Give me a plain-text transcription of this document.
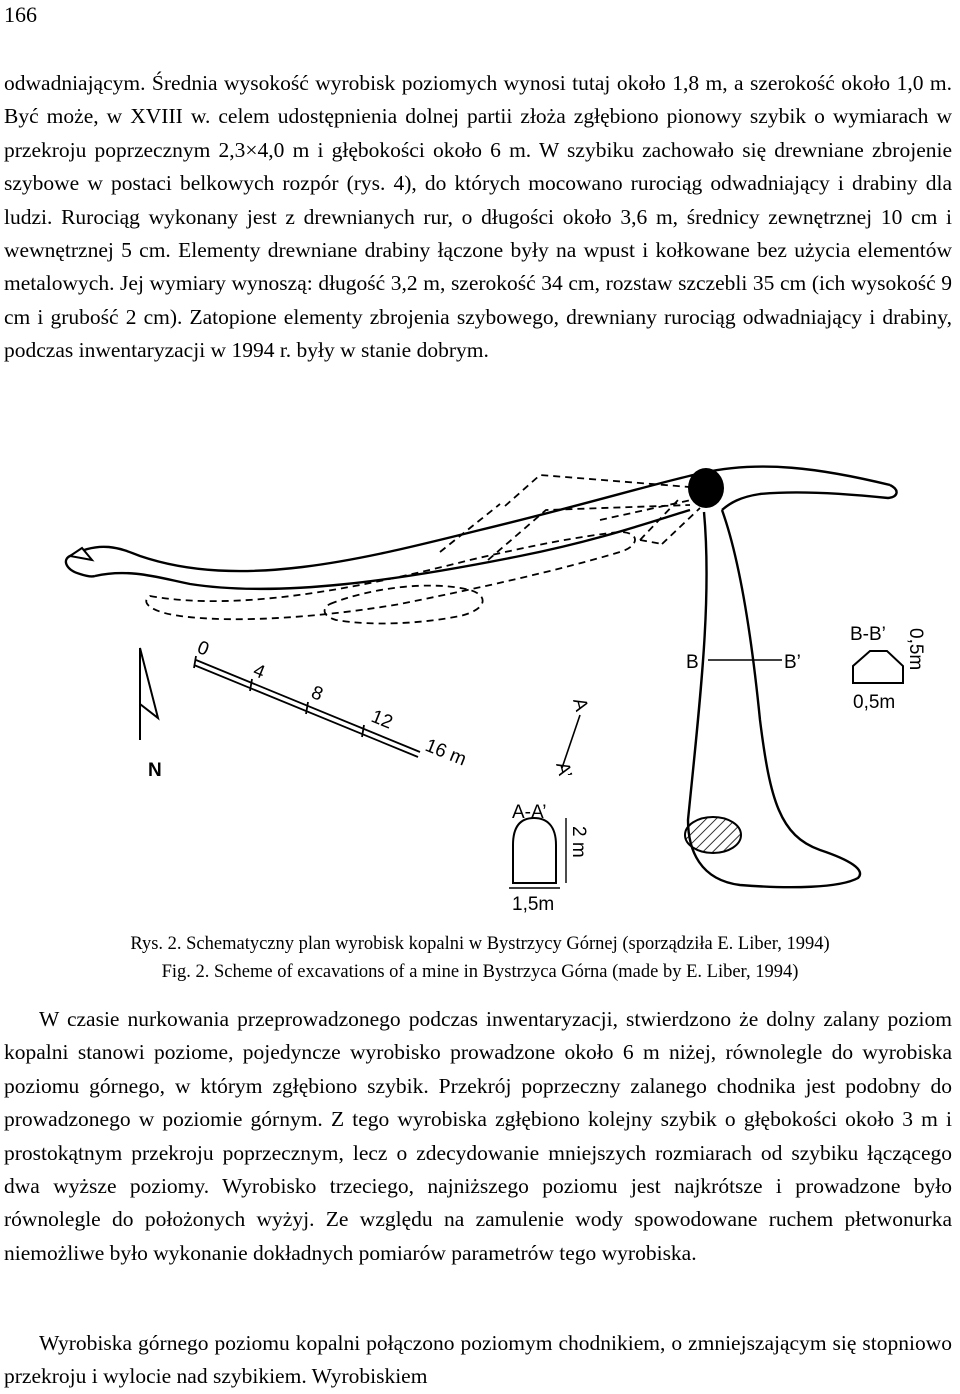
166

odwadniającym. Średnia wysokość wyrobisk poziomych wynosi tutaj około 1,8 m, a szerokość około 1,0 m. Być może, w XVIII w. celem udostępnienia dolnej partii złoża zgłębiono pionowy szybik o wymiarach w przekroju poprzecznym 2,3×4,0 m i głębokości około 6 m. W szybiku zachowało się drewniane zbrojenie szybowe w postaci belkowych rozpór (rys. 4), do których mocowano rurociąg odwadniający i drabiny dla ludzi. Rurociąg wykonany jest z drewnianych rur, o długości około 3,6 m, średnicy zewnętrznej 10 cm i wewnętrznej 5 cm. Elementy drewniane drabiny łączone były na wpust i kołkowane bez użycia elementów metalowych. Jej wymiary wynoszą: długość 3,2 m, szerokość 34 cm, rozstaw szczebli 35 cm (ich wysokość 9 cm i grubość 2 cm). Zatopione elementy zbrojenia szybowego, drewniany rurociąg odwadniający i drabiny, podczas inwentaryzacji w 1994 r. były w stanie dobrym.

N
0
4
8
12
16 m
A
A’
B	B’
A-A’
2 m
1,5m
B-B’ 0,5m
0,5m
Rys. 2. Schematyczny plan wyrobisk kopalni w Bystrzycy Górnej (sporządziła E. Liber, 1994)
Fig. 2. Scheme of excavations of a mine in Bystrzyca Górna (made by E. Liber, 1994)

W czasie nurkowania przeprowadzonego podczas inwentaryzacji, stwierdzono że dolny zalany poziom kopalni stanowi poziome, pojedyncze wyrobisko prowadzone około 6 m niżej, równolegle do wyrobiska poziomu górnego, w którym zgłębiono szybik. Przekrój poprzeczny zalanego chodnika jest podobny do prowadzonego w poziomie górnym. Z tego wyrobiska zgłębiono kolejny szybik o głębokości około 3 m i prostokątnym przekroju poprzecznym, lecz o zdecydowanie mniejszych rozmiarach od szybiku łączącego dwa wyższe poziomy. Wyrobisko trzeciego, najniższego poziomu jest najkrótsze i prowadzone było równolegle do położonych wyżyj. Ze względu na zamulenie wody spowodowane ruchem płetwonurka niemożliwe było wykonanie dokładnych pomiarów parametrów tego wyrobiska.

Wyrobiska górnego poziomu kopalni połączono poziomym chodnikiem, o zmniejszającym się stopniowo przekroju i wylocie nad szybikiem. Wyrobiskiem
